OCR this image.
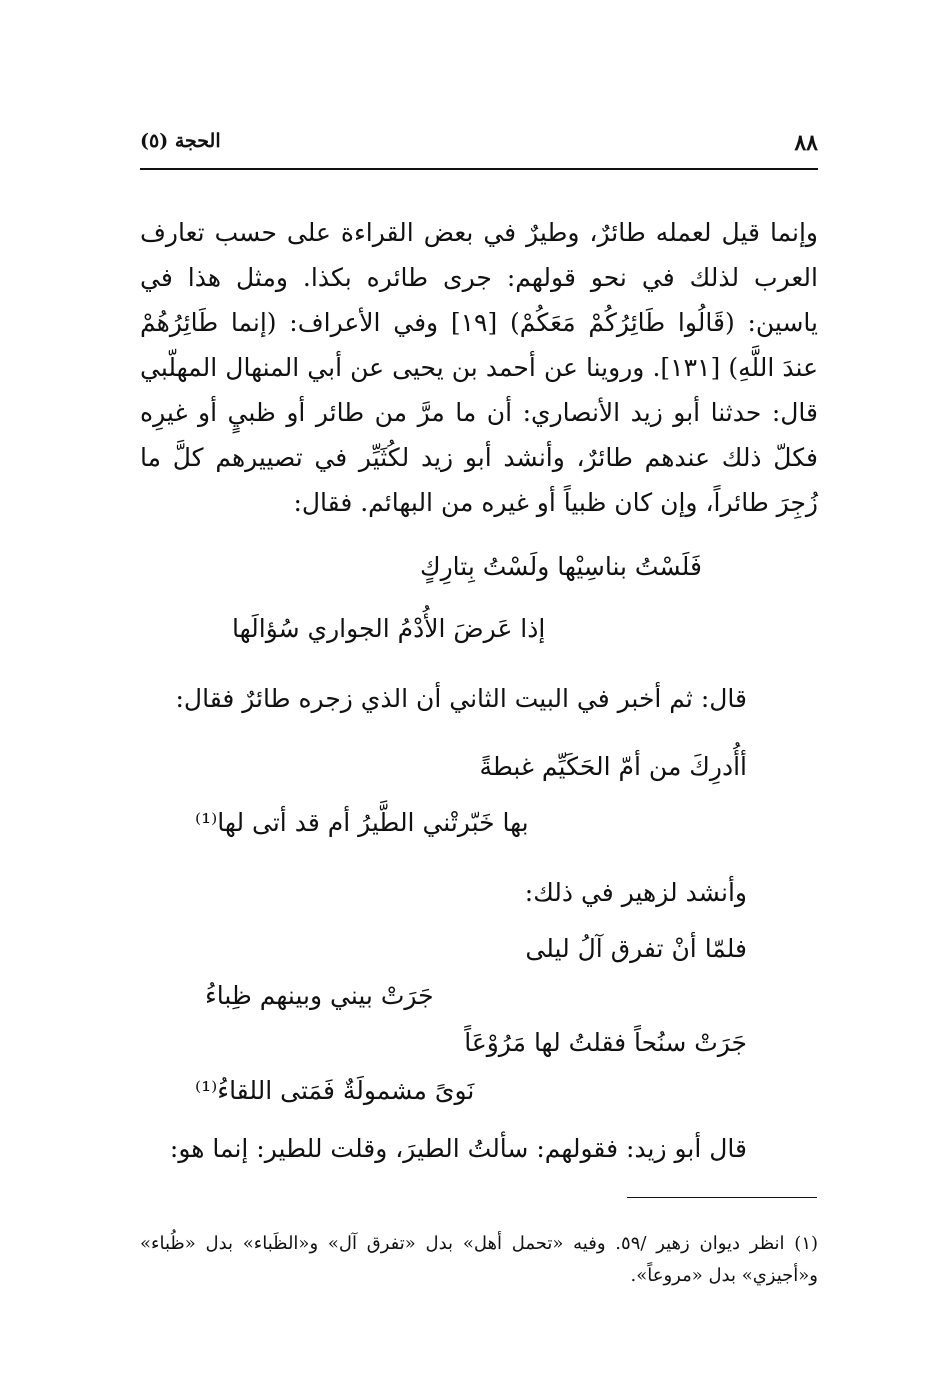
٨٨
الحجة (٥)

وإنما قيل لعمله طائرٌ، وطيرٌ في بعض القراءة على حسب تعارف العرب لذلك في نحو قولهم: جرى طائره بكذا. ومثل هذا في ياسين: (قَالُوا طَائِرُكُمْ مَعَكُمْ) [١٩] وفي الأعراف: (إنما طَائِرُهُمْ عندَ اللَّهِ) [١٣١]. وروينا عن أحمد بن يحيى عن أبي المنهال المهلّبي قال: حدثنا أبو زيد الأنصاري: أن ما مرَّ من طائر أو ظبيٍ أو غيرِه فكلّ ذلك عندهم طائرٌ، وأنشد أبو زيد لكُثَيِّر في تصييرهم كلَّ ما زُجِرَ طائراً، وإن كان ظبياً أو غيره من البهائم. فقال:

فَلَسْتُ بناسِيْها ولَسْتُ بِتارِكٍ
إذا عَرضَ الأُدْمُ الجواري سُؤالَها
قال: ثم أخبر في البيت الثاني أن الذي زجره طائرٌ فقال:
أأُدرِكَ من أمّ الحَكَيِّم غبطةً
بها خَبّرتْني الطَّيرُ أم قد أتى لها⁽¹⁾
وأنشد لزهير في ذلك:
فلمّا أنْ تفرق آلُ ليلى
جَرَتْ بيني وبينهم ظِباءُ
جَرَتْ سنُحاً فقلتُ لها مَرُوْعَاً
نَوىً مشمولَةٌ فَمَتى اللقاءُ⁽¹⁾
قال أبو زيد: فقولهم: سألتُ الطيرَ، وقلت للطير: إنما هو:

(١) انظر ديوان زهير /٥٩. وفيه «تحمل أهل» بدل «تفرق آل» و«الظَباء» بدل «ظُباء» و«أجيزي» بدل «مروعاً».
